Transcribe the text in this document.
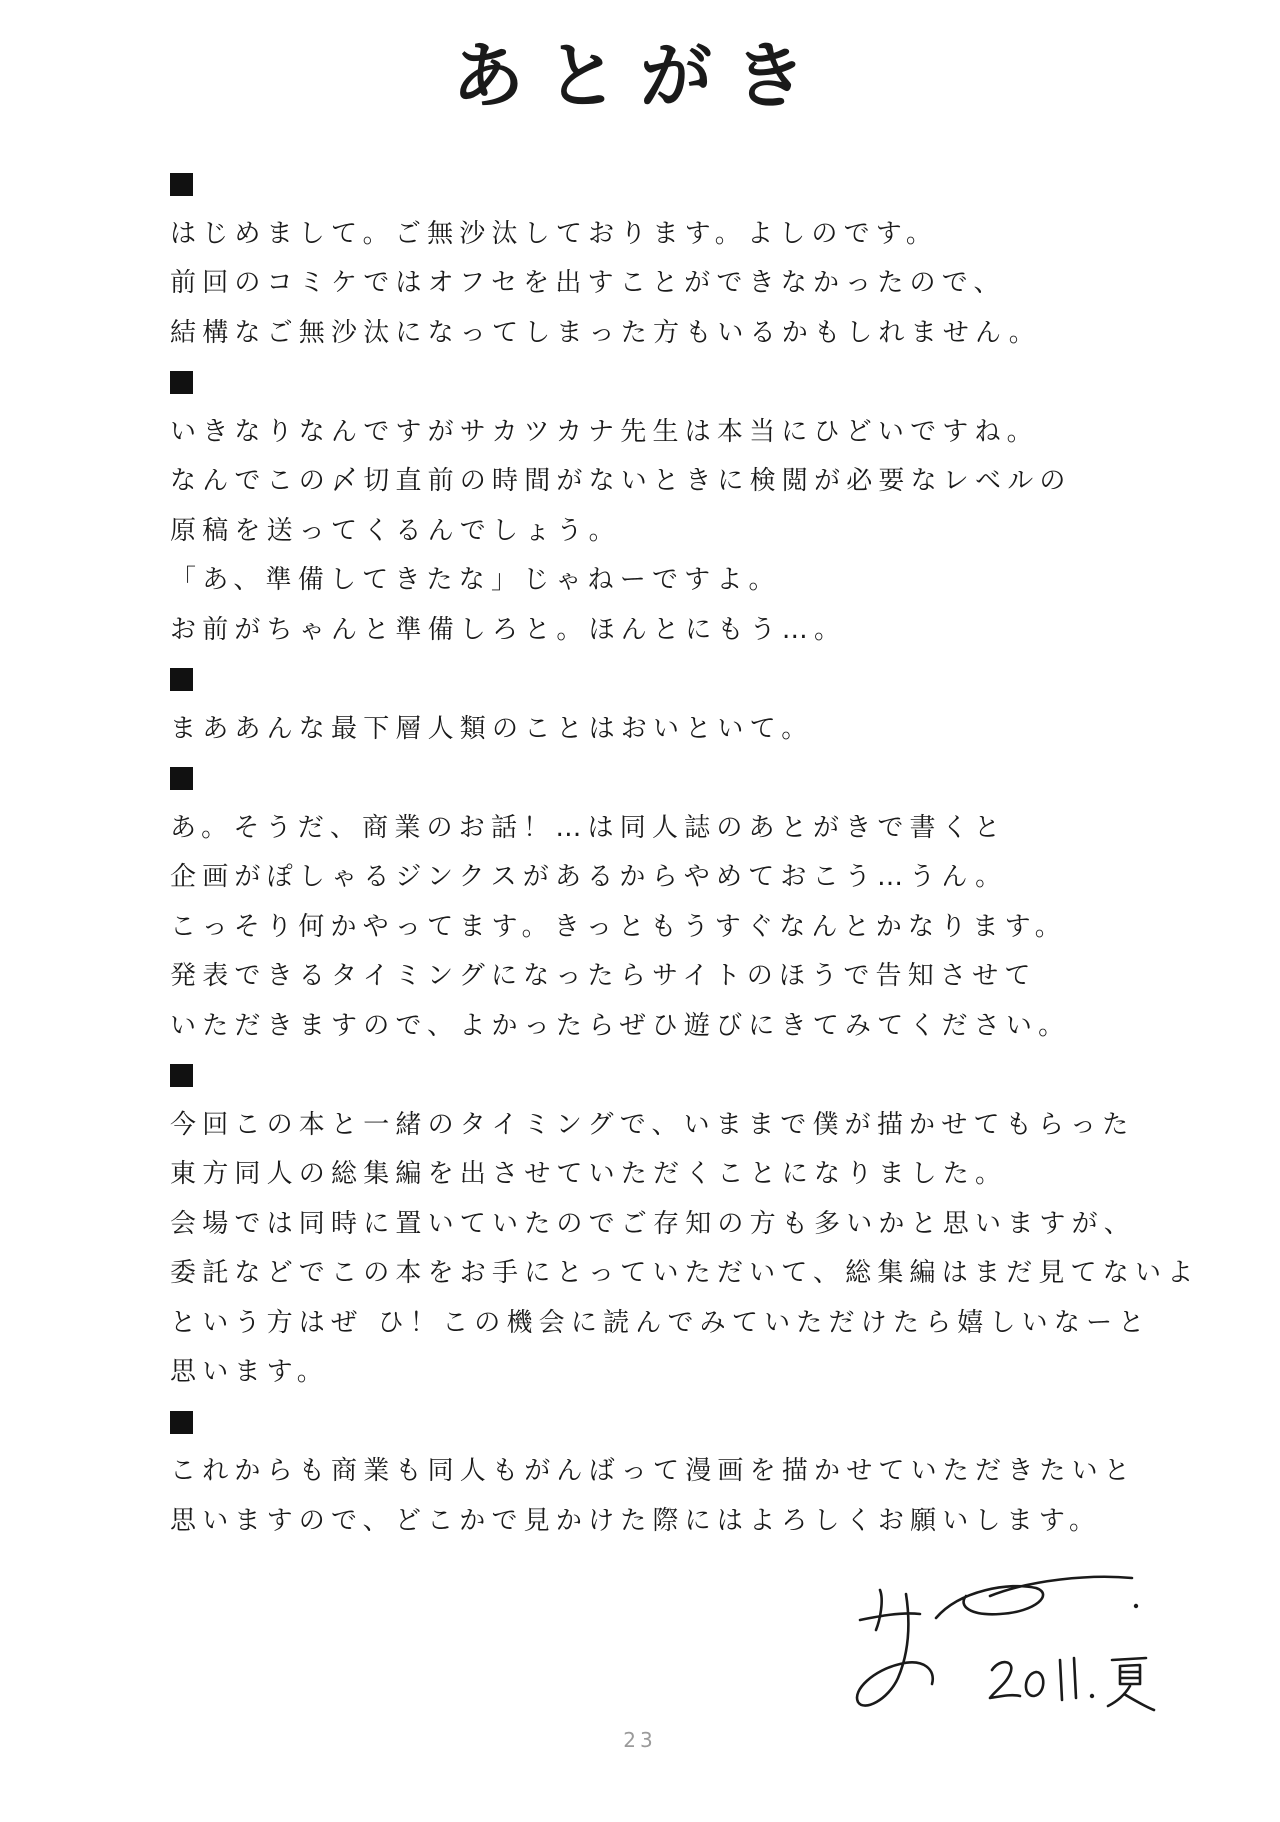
あとがき
はじめまして。ご無沙汰しております。よしのです。
前回のコミケではオフセを出すことができなかったので、
結構なご無沙汰になってしまった方もいるかもしれません。
いきなりなんですがサカツカナ先生は本当にひどいですね。
なんでこの〆切直前の時間がないときに検閲が必要なレベルの
原稿を送ってくるんでしょう。
「あ、準備してきたな」じゃねーですよ。
お前がちゃんと準備しろと。ほんとにもう…。
まああんな最下層人類のことはおいといて。
あ。そうだ、商業のお話！…は同人誌のあとがきで書くと
企画がぽしゃるジンクスがあるからやめておこう…うん。
こっそり何かやってます。きっともうすぐなんとかなります。
発表できるタイミングになったらサイトのほうで告知させて
いただきますので、よかったらぜひ遊びにきてみてください。
今回この本と一緒のタイミングで、いままで僕が描かせてもらった
東方同人の総集編を出させていただくことになりました。
会場では同時に置いていたのでご存知の方も多いかと思いますが、
委託などでこの本をお手にとっていただいて、総集編はまだ見てないよ
という方はぜ ひ！この機会に読んでみていただけたら嬉しいなーと
思います。
これからも商業も同人もがんばって漫画を描かせていただきたいと
思いますので、どこかで見かけた際にはよろしくお願いします。
23
